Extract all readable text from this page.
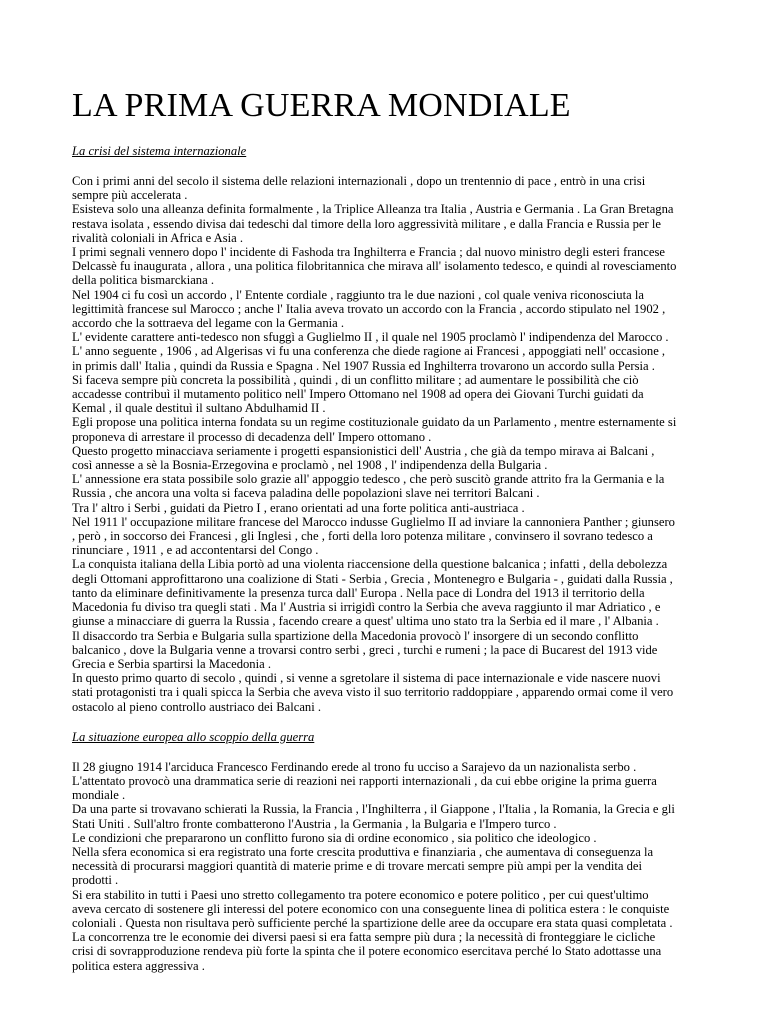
LA PRIMA GUERRA MONDIALE
La crisi del sistema internazionale

Con i primi anni del secolo il sistema delle relazioni internazionali , dopo un trentennio di pace , entrò in una crisi
sempre più accelerata .

Esisteva solo una alleanza definita formalmente , la Triplice Alleanza tra Italia , Austria e Germania . La Gran Bretagna
restava isolata , essendo divisa dai tedeschi dal timore della loro aggressività militare , e dalla Francia e Russia per le
rivalità coloniali in Africa e Asia .

I primi segnali vennero dopo l' incidente di Fashoda tra Inghilterra e Francia ; dal nuovo ministro degli esteri francese
Delcassè fu inaugurata , allora , una politica filobritannica che mirava all' isolamento tedesco, e quindi al rovesciamento
della politica bismarckiana .

Nel 1904 ci fu così un accordo , l' Entente cordiale , raggiunto tra le due nazioni , col quale veniva riconosciuta la
legittimità francese sul Marocco ; anche l' Italia aveva trovato un accordo con la Francia , accordo stipulato nel 1902 ,
accordo che la sottraeva del legame con la Germania .

L' evidente carattere anti-tedesco non sfuggì a Guglielmo II , il quale nel 1905 proclamò l' indipendenza del Marocco .

L' anno seguente , 1906 , ad Algerisas vi fu una conferenza che diede ragione ai Francesi , appoggiati nell' occasione ,
in primis dall' Italia , quindi da Russia e Spagna . Nel 1907 Russia ed Inghilterra trovarono un accordo sulla Persia .

Si faceva sempre più concreta la possibilità , quindi , di un conflitto militare ; ad aumentare le possibilità che ciò
accadesse contribuì il mutamento politico nell' Impero Ottomano nel 1908 ad opera dei Giovani Turchi guidati da
Kemal , il quale destituì il sultano Abdulhamid II .

Egli propose una politica interna fondata su un regime costituzionale guidato da un Parlamento , mentre esternamente si
proponeva di arrestare il processo di decadenza dell' Impero ottomano .

Questo progetto minacciava seriamente i progetti espansionistici dell' Austria , che già da tempo mirava ai Balcani ,
così annesse a sè la Bosnia-Erzegovina e proclamò , nel 1908 , l' indipendenza della Bulgaria .

L' annessione era stata possibile solo grazie all' appoggio tedesco , che però suscitò grande attrito fra la Germania e la
Russia , che ancora una volta si faceva paladina delle popolazioni slave nei territori Balcani .

Tra l' altro i Serbi , guidati da Pietro I , erano orientati ad una forte politica anti-austriaca .

Nel 1911 l' occupazione militare francese del Marocco indusse Guglielmo II ad inviare la cannoniera Panther ; giunsero
, però , in soccorso dei Francesi , gli Inglesi , che , forti della loro potenza militare , convinsero il sovrano tedesco a
rinunciare , 1911 , e ad accontentarsi del Congo .

La conquista italiana della Libia portò ad una violenta riaccensione della questione balcanica ; infatti , della debolezza
degli Ottomani approfittarono una coalizione di Stati - Serbia , Grecia , Montenegro e Bulgaria - , guidati dalla Russia ,
tanto da eliminare definitivamente la presenza turca dall' Europa . Nella pace di Londra del 1913 il territorio della
Macedonia fu diviso tra quegli stati . Ma l' Austria si irrigidì contro la Serbia che aveva raggiunto il mar Adriatico , e
giunse a minacciare di guerra la Russia , facendo creare a quest' ultima uno stato tra la Serbia ed il mare , l' Albania .

Il disaccordo tra Serbia e Bulgaria sulla spartizione della Macedonia provocò l' insorgere di un secondo conflitto
balcanico , dove la Bulgaria venne a trovarsi contro serbi , greci , turchi e rumeni ; la pace di Bucarest del 1913 vide
Grecia e Serbia spartirsi la Macedonia .

In questo primo quarto di secolo , quindi , si venne a sgretolare il sistema di pace internazionale e vide nascere nuovi
stati protagonisti tra i quali spicca la Serbia che aveva visto il suo territorio raddoppiare , apparendo ormai come il vero
ostacolo al pieno controllo austriaco dei Balcani .

La situazione europea allo scoppio della guerra

Il 28 giugno 1914 l'arciduca Francesco Ferdinando erede al trono fu ucciso a Sarajevo da un nazionalista serbo .

L'attentato provocò una drammatica serie di reazioni nei rapporti internazionali , da cui ebbe origine la prima guerra
mondiale .

Da una parte si trovavano schierati la Russia, la Francia , l'Inghilterra , il Giappone , l'Italia , la Romania, la Grecia e gli
Stati Uniti . Sull'altro fronte combatterono l'Austria , la Germania , la Bulgaria e l'Impero turco .

Le condizioni che prepararono un conflitto furono sia di ordine economico , sia politico che ideologico .

Nella sfera economica si era registrato una forte crescita produttiva e finanziaria , che aumentava di conseguenza la
necessità di procurarsi maggiori quantità di materie prime e di trovare mercati sempre più ampi per la vendita dei
prodotti .

Si era stabilito in tutti i Paesi uno stretto collegamento tra potere economico e potere politico , per cui quest'ultimo
aveva cercato di sostenere gli interessi del potere economico con una conseguente linea di politica estera : le conquiste
coloniali . Questa non risultava però sufficiente perché la spartizione delle aree da occupare era stata quasi completata .

La concorrenza tre le economie dei diversi paesi si era fatta sempre più dura ; la necessità di fronteggiare le cicliche
crisi di sovrapproduzione rendeva più forte la spinta che il potere economico esercitava perché lo Stato adottasse una
politica estera aggressiva .
